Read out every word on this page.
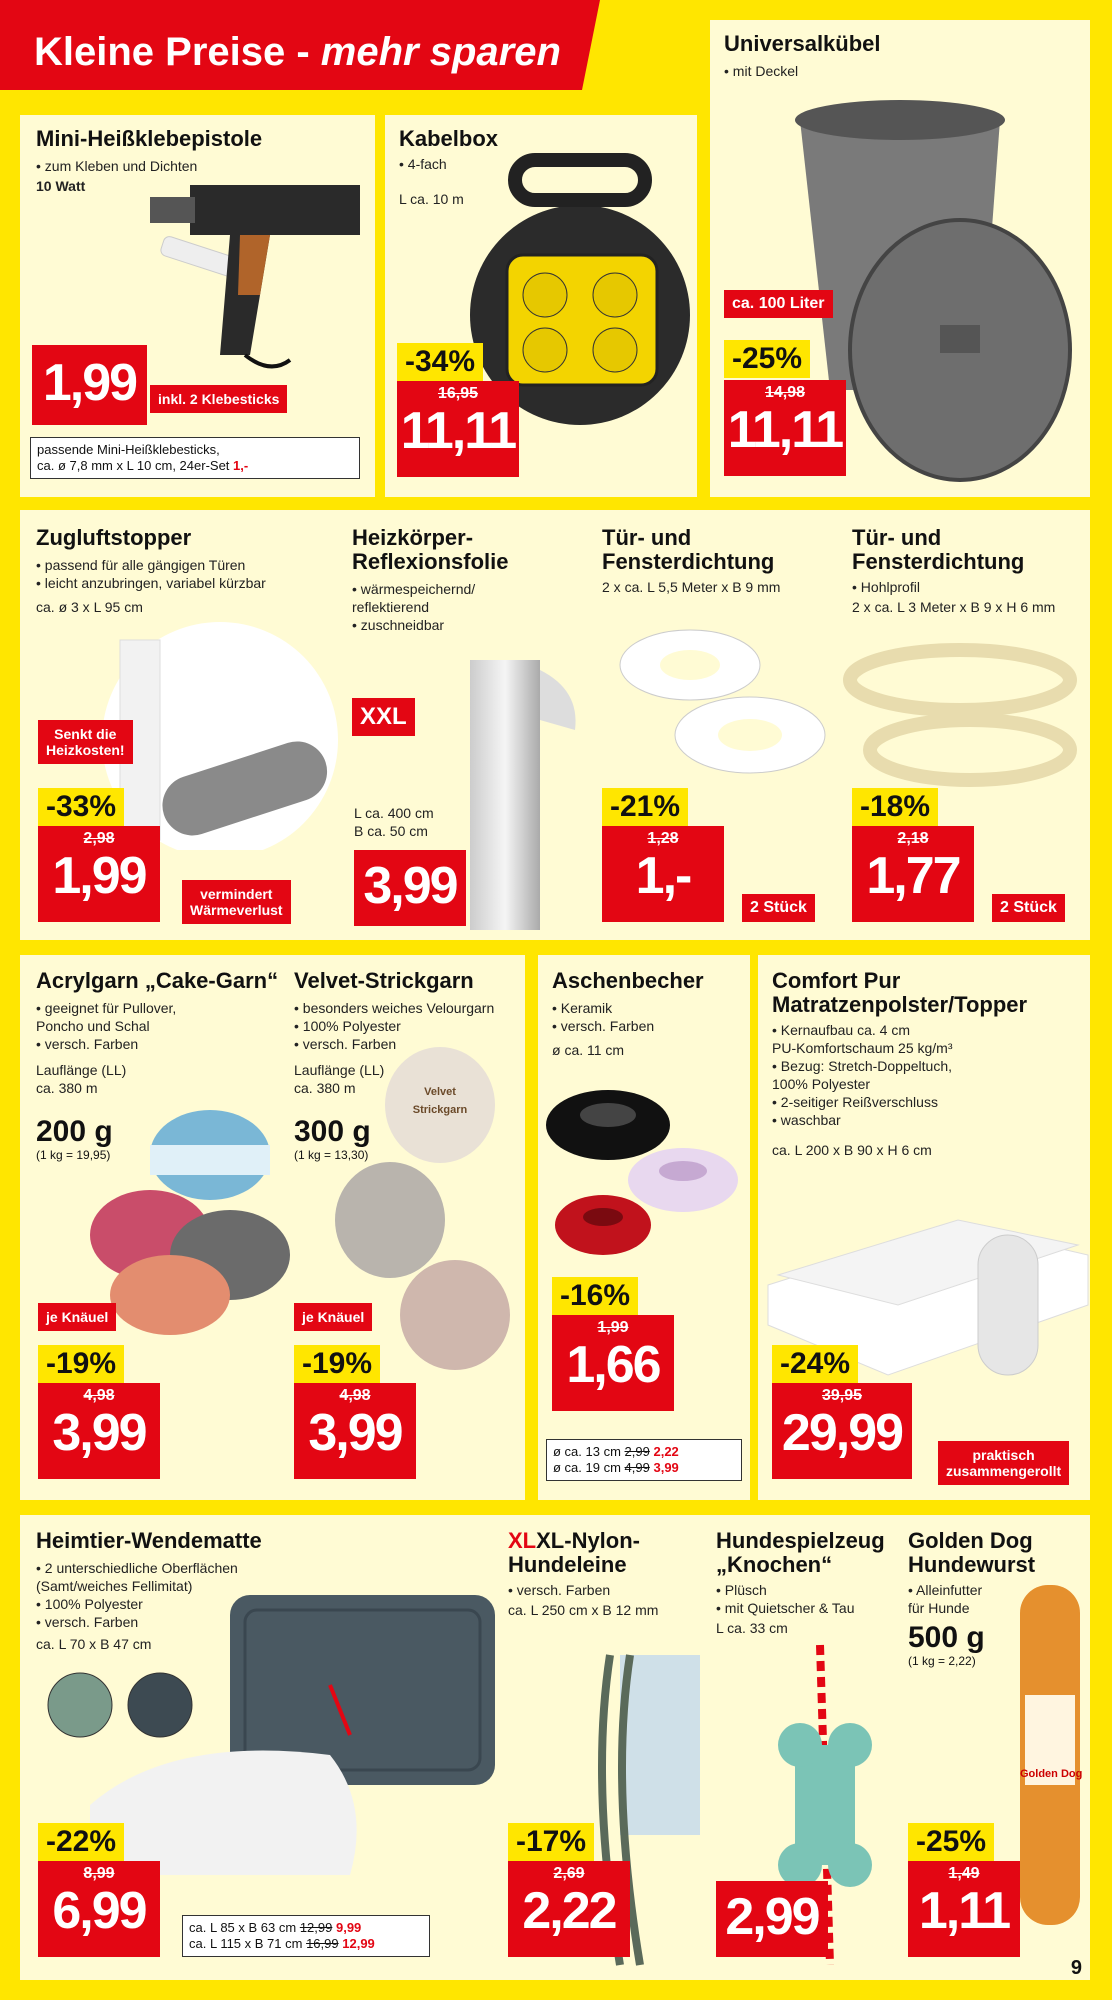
Kleine Preise - mehr sparen
Mini-Heißklebepistole
• zum Kleben und Dichten
10 Watt
1,99	inkl. 2 Klebesticks
passende Mini-Heißklebesticks,
ca. ø 7,8 mm x L 10 cm, 24er-Set 1,-
Kabelbox
• 4-fach
L ca. 10 m
-34%
16,95
11,11
Universalkübel
• mit Deckel
ca. 100 Liter
-25%
14,98
11,11
Zugluftstopper
• passend für alle gängigen Türen
• leicht anzubringen, variabel kürzbar
ca. ø 3 x L 95 cm
Senkt die
Heizkosten!
-33%
2,98
1,99	vermindert
Wärmeverlust
Heizkörper-
Reflexionsfolie
• wärmespeichernd/
reflektierend
• zuschneidbar
XXL
L ca. 400 cm
B ca. 50 cm
3,99
Tür- und
Fensterdichtung
2 x ca. L 5,5 Meter x B 9 mm
-21%
1,28
1,-
2 Stück
Tür- und
Fensterdichtung
• Hohlprofil
2 x ca. L 3 Meter x B 9 x H 6 mm
-18%
2,18
1,77
2 Stück
Acrylgarn „Cake-Garn“
• geeignet für Pullover,
Poncho und Schal
• versch. Farben
Lauflänge (LL)
ca. 380 m
200 g
(1 kg = 19,95)
je Knäuel
-19%
4,98
3,99
Velvet-Strickgarn
• besonders weiches Velourgarn
• 100% Polyester
• versch. Farben
Lauflänge (LL)
ca. 380 m
300 g
(1 kg = 13,30)
Velvet Strickgarn
je Knäuel
-19%
4,98
3,99
Aschenbecher
• Keramik
• versch. Farben
ø ca. 11 cm
-16%
1,99
1,66
ø ca. 13 cm 2,99 2,22
ø ca. 19 cm 4,99 3,99
Comfort Pur
Matratzenpolster/Topper
• Kernaufbau ca. 4 cm
PU-Komfortschaum 25 kg/m³
• Bezug: Stretch-Doppeltuch,
100% Polyester
• 2-seitiger Reißverschluss
• waschbar
ca. L 200 x B 90 x H 6 cm
-24%
39,95
29,99	praktisch
zusammengerollt
Heimtier-Wendematte
• 2 unterschiedliche Oberflächen
(Samt/weiches Fellimitat)
• 100% Polyester
• versch. Farben
ca. L 70 x B 47 cm
-22%
8,99
6,99	ca. L 85 x B 63 cm 12,99 9,99
ca. L 115 x B 71 cm 16,99 12,99
XLXL-Nylon-
Hundeleine
• versch. Farben
ca. L 250 cm x B 12 mm
-17%
2,69
2,22
Hundespielzeug
„Knochen“
• Plüsch
• mit Quietscher & Tau
L ca. 33 cm
2,99
Golden Dog
Hundewurst
• Alleinfutter
für Hunde
500 g
(1 kg = 2,22)
Golden Dog
-25%
1,49
1,11
9
